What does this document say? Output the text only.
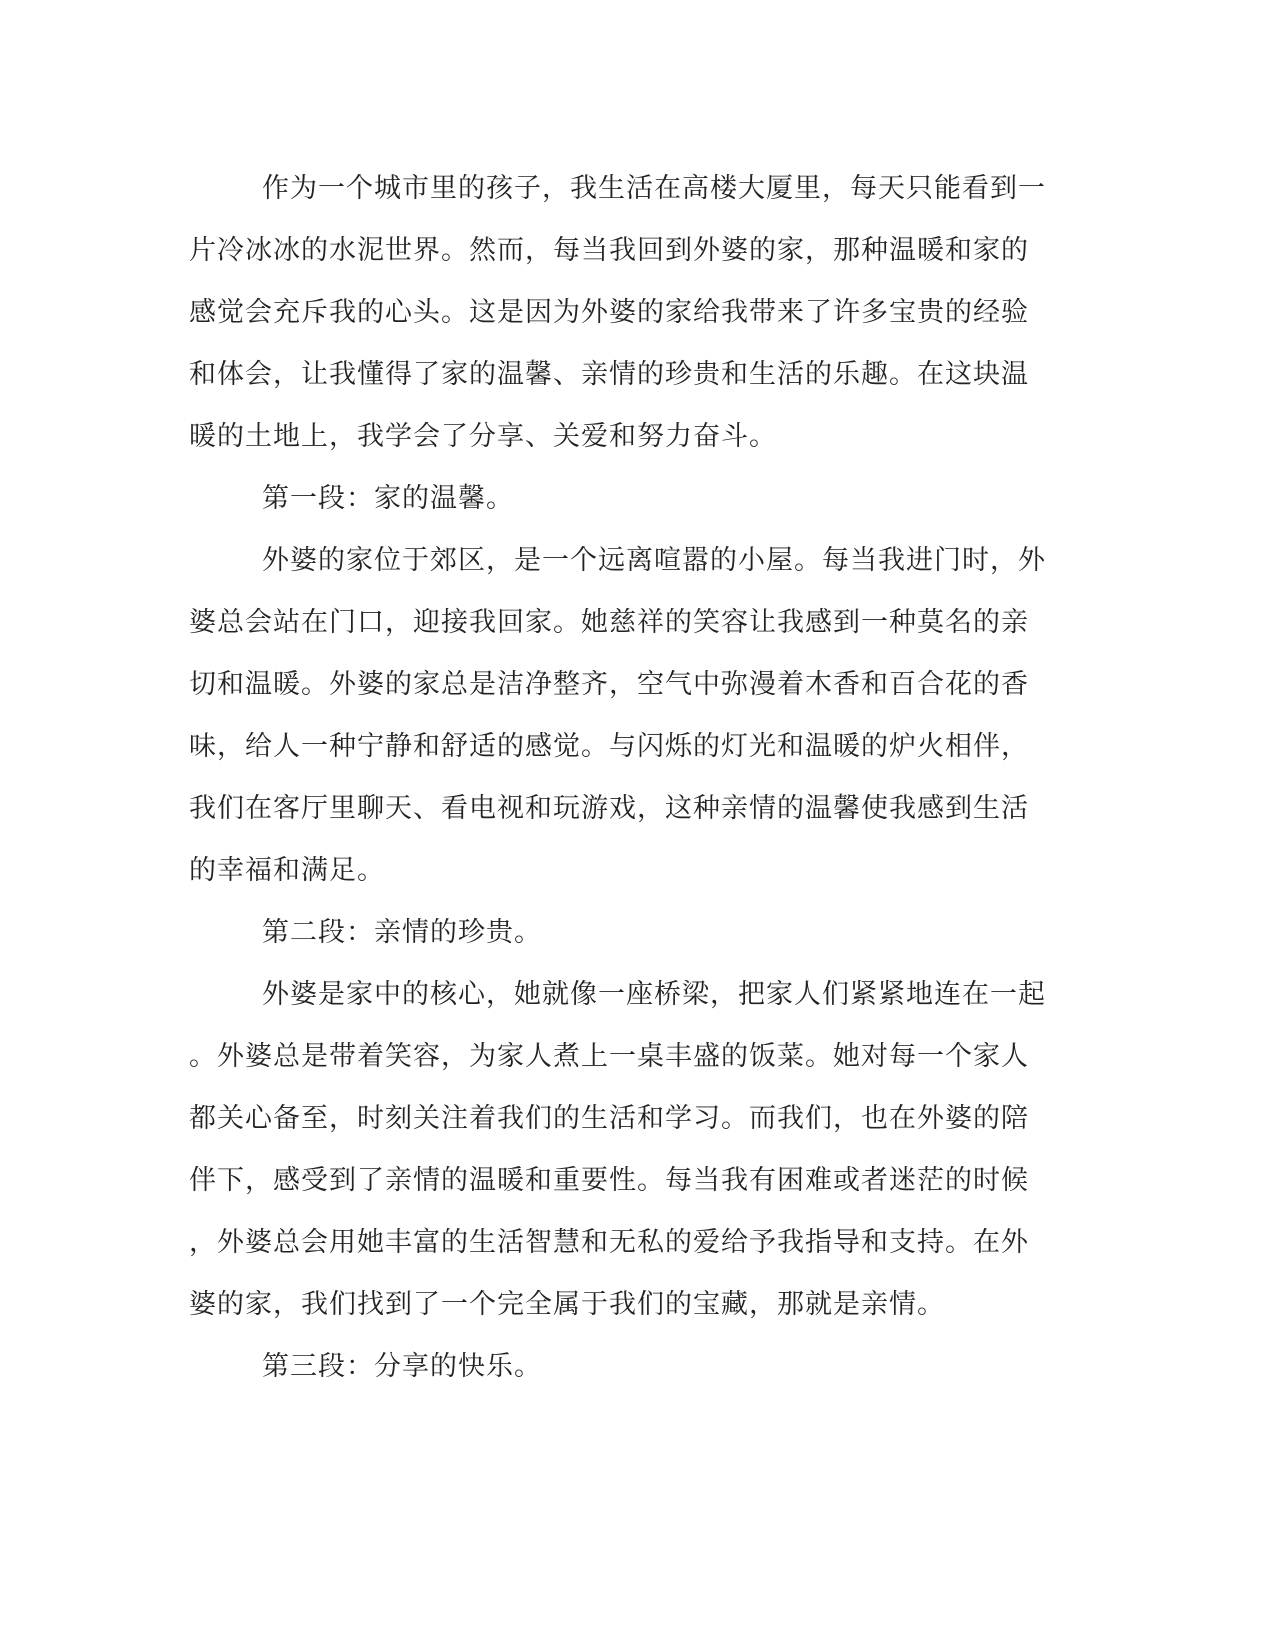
作为一个城市里的孩子，我生活在高楼大厦里，每天只能看到一
片冷冰冰的水泥世界。然而，每当我回到外婆的家，那种温暖和家的
感觉会充斥我的心头。这是因为外婆的家给我带来了许多宝贵的经验
和体会，让我懂得了家的温馨、亲情的珍贵和生活的乐趣。在这块温
暖的土地上，我学会了分享、关爱和努力奋斗。
第一段：家的温馨。
外婆的家位于郊区，是一个远离喧嚣的小屋。每当我进门时，外
婆总会站在门口，迎接我回家。她慈祥的笑容让我感到一种莫名的亲
切和温暖。外婆的家总是洁净整齐，空气中弥漫着木香和百合花的香
味，给人一种宁静和舒适的感觉。与闪烁的灯光和温暖的炉火相伴，
我们在客厅里聊天、看电视和玩游戏，这种亲情的温馨使我感到生活
的幸福和满足。
第二段：亲情的珍贵。
外婆是家中的核心，她就像一座桥梁，把家人们紧紧地连在一起
。外婆总是带着笑容，为家人煮上一桌丰盛的饭菜。她对每一个家人
都关心备至，时刻关注着我们的生活和学习。而我们，也在外婆的陪
伴下，感受到了亲情的温暖和重要性。每当我有困难或者迷茫的时候
，外婆总会用她丰富的生活智慧和无私的爱给予我指导和支持。在外
婆的家，我们找到了一个完全属于我们的宝藏，那就是亲情。
第三段：分享的快乐。
